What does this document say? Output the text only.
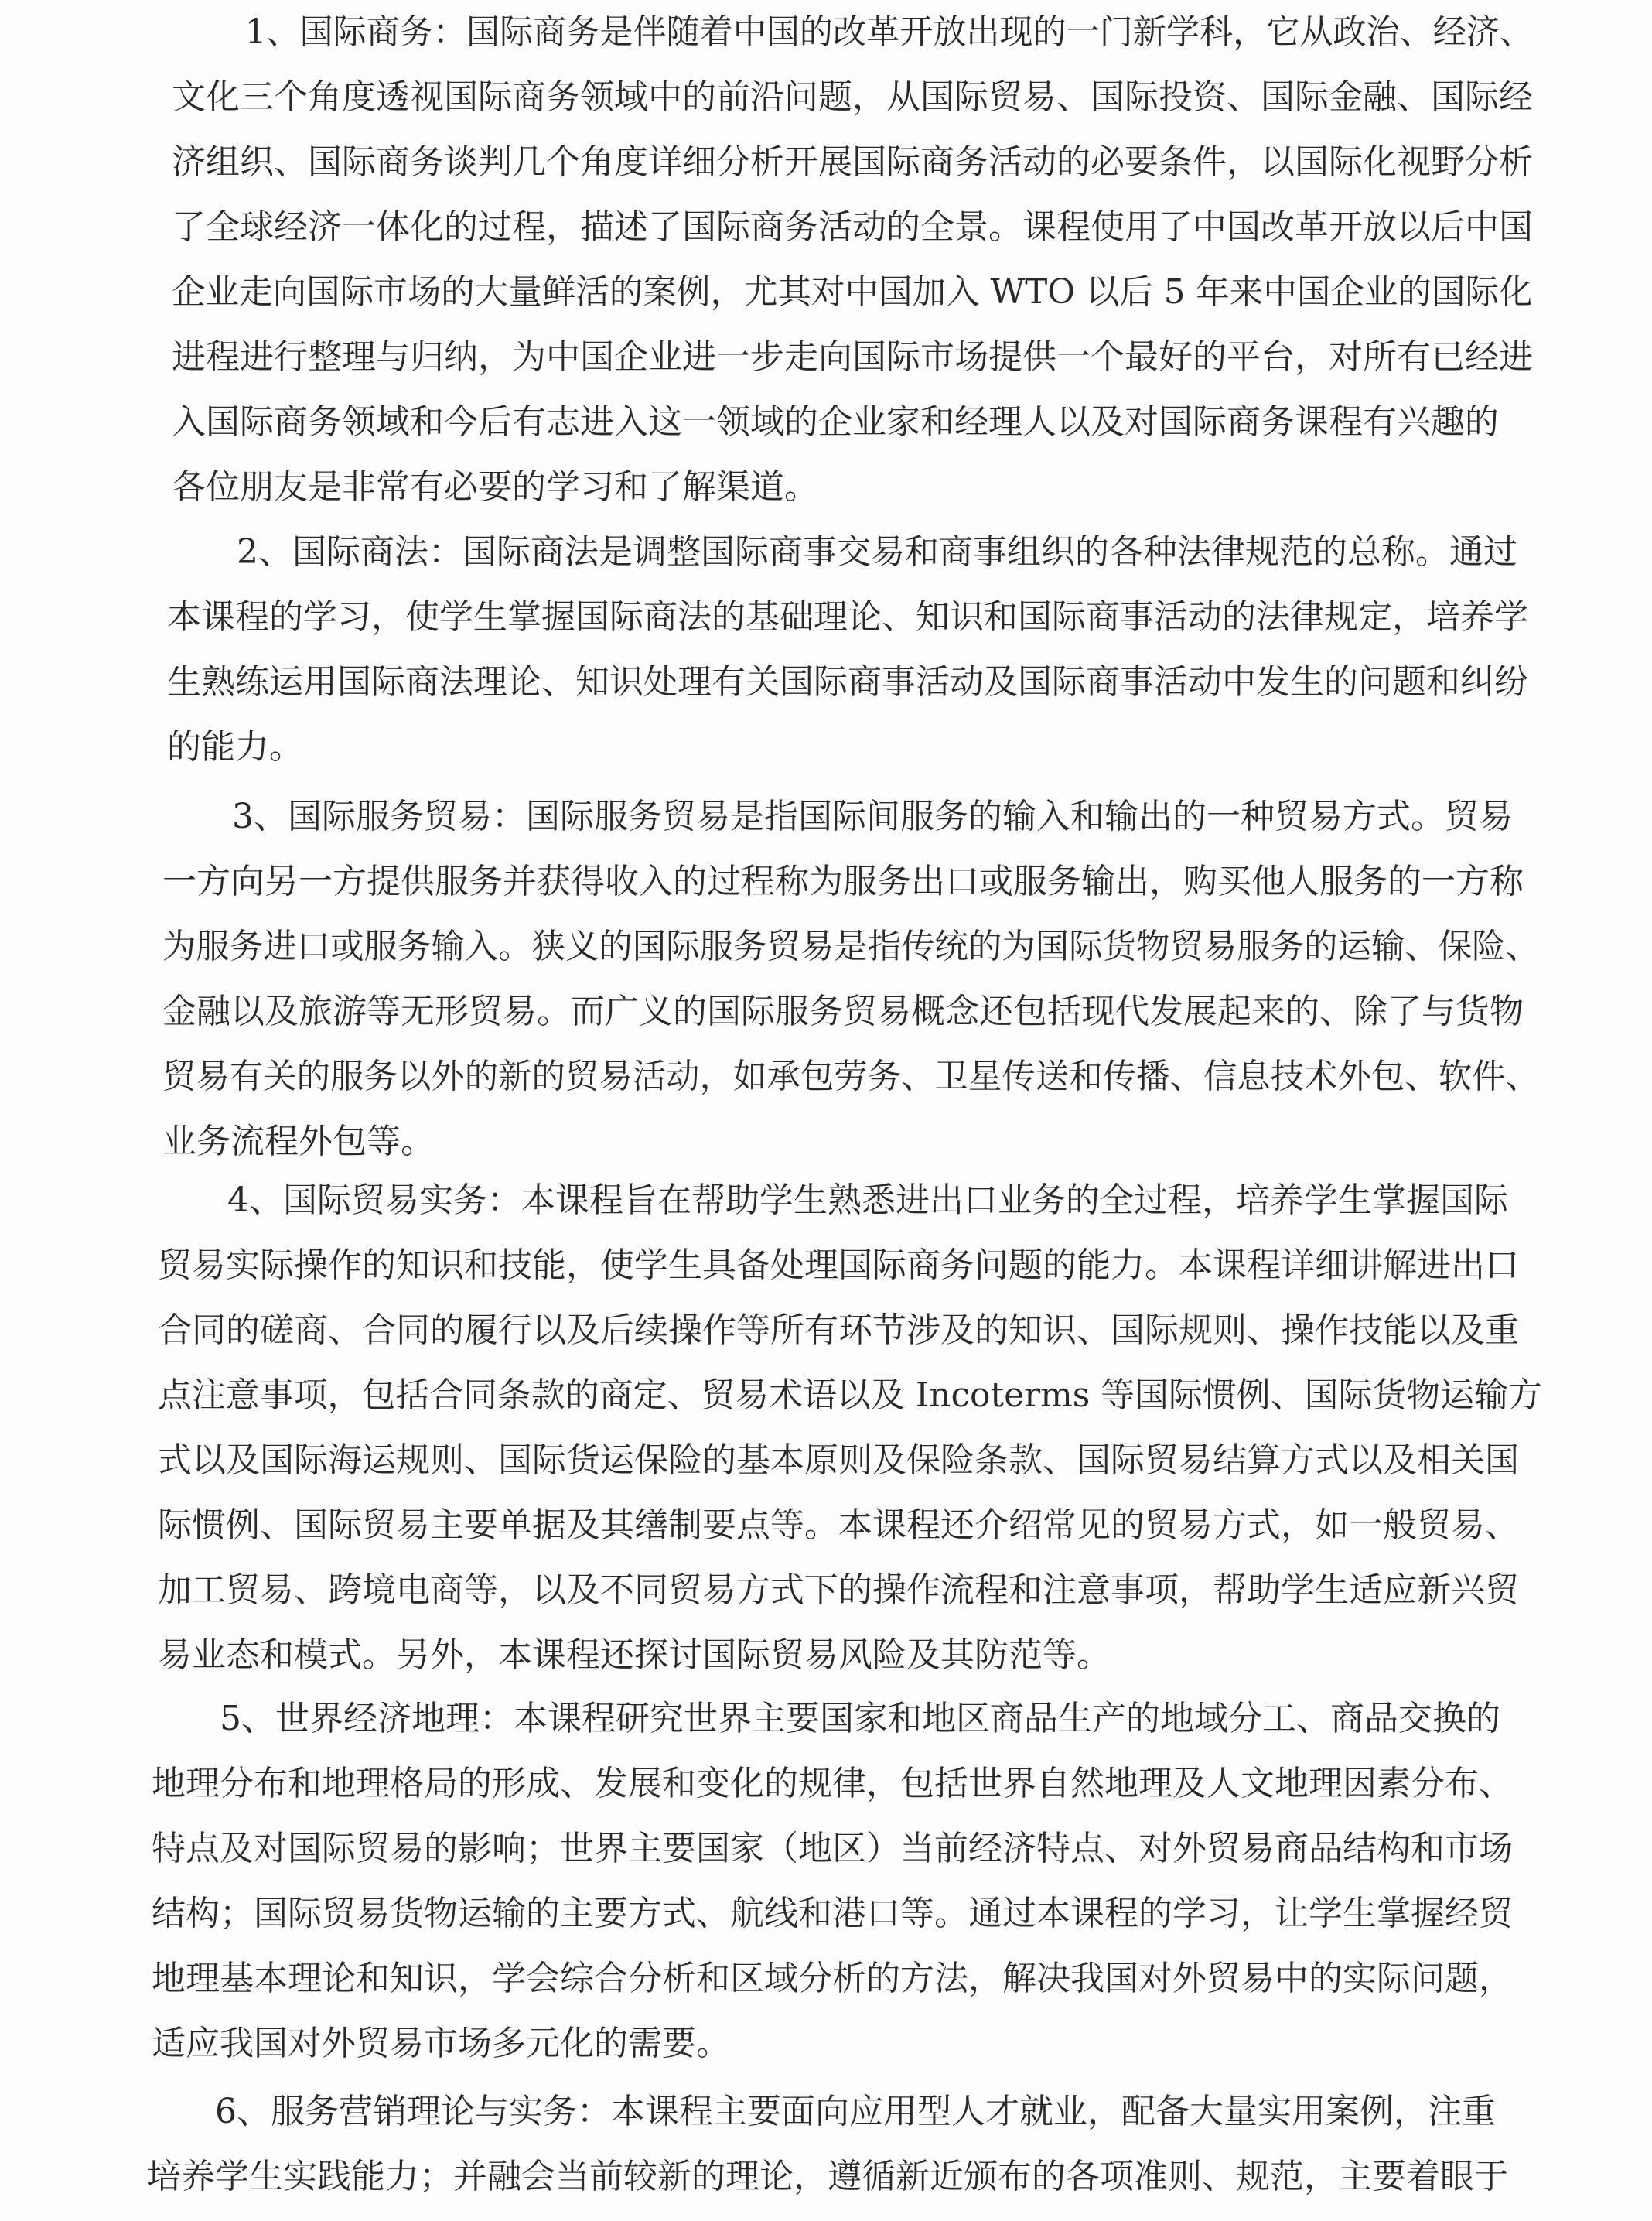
1、国际商务：国际商务是伴随着中国的改革开放出现的一门新学科，它从政治、经济、
文化三个角度透视国际商务领域中的前沿问题，从国际贸易、国际投资、国际金融、国际经
济组织、国际商务谈判几个角度详细分析开展国际商务活动的必要条件，以国际化视野分析
了全球经济一体化的过程，描述了国际商务活动的全景。课程使用了中国改革开放以后中国
企业走向国际市场的大量鲜活的案例，尤其对中国加入 WTO 以后 5 年来中国企业的国际化
进程进行整理与归纳，为中国企业进一步走向国际市场提供一个最好的平台，对所有已经进
入国际商务领域和今后有志进入这一领域的企业家和经理人以及对国际商务课程有兴趣的
各位朋友是非常有必要的学习和了解渠道。
2、国际商法：国际商法是调整国际商事交易和商事组织的各种法律规范的总称。通过
本课程的学习，使学生掌握国际商法的基础理论、知识和国际商事活动的法律规定，培养学
生熟练运用国际商法理论、知识处理有关国际商事活动及国际商事活动中发生的问题和纠纷
的能力。
3、国际服务贸易：国际服务贸易是指国际间服务的输入和输出的一种贸易方式。贸易
一方向另一方提供服务并获得收入的过程称为服务出口或服务输出，购买他人服务的一方称
为服务进口或服务输入。狭义的国际服务贸易是指传统的为国际货物贸易服务的运输、保险、
金融以及旅游等无形贸易。而广义的国际服务贸易概念还包括现代发展起来的、除了与货物
贸易有关的服务以外的新的贸易活动，如承包劳务、卫星传送和传播、信息技术外包、软件、
业务流程外包等。
4、国际贸易实务：本课程旨在帮助学生熟悉进出口业务的全过程，培养学生掌握国际
贸易实际操作的知识和技能，使学生具备处理国际商务问题的能力。本课程详细讲解进出口
合同的磋商、合同的履行以及后续操作等所有环节涉及的知识、国际规则、操作技能以及重
点注意事项，包括合同条款的商定、贸易术语以及 Incoterms 等国际惯例、国际货物运输方
式以及国际海运规则、国际货运保险的基本原则及保险条款、国际贸易结算方式以及相关国
际惯例、国际贸易主要单据及其缮制要点等。本课程还介绍常见的贸易方式，如一般贸易、
加工贸易、跨境电商等，以及不同贸易方式下的操作流程和注意事项，帮助学生适应新兴贸
易业态和模式。另外，本课程还探讨国际贸易风险及其防范等。
5、世界经济地理：本课程研究世界主要国家和地区商品生产的地域分工、商品交换的
地理分布和地理格局的形成、发展和变化的规律，包括世界自然地理及人文地理因素分布、
特点及对国际贸易的影响；世界主要国家（地区）当前经济特点、对外贸易商品结构和市场
结构；国际贸易货物运输的主要方式、航线和港口等。通过本课程的学习，让学生掌握经贸
地理基本理论和知识，学会综合分析和区域分析的方法，解决我国对外贸易中的实际问题，
适应我国对外贸易市场多元化的需要。
6、服务营销理论与实务：本课程主要面向应用型人才就业，配备大量实用案例，注重
培养学生实践能力；并融会当前较新的理论，遵循新近颁布的各项准则、规范，主要着眼于
